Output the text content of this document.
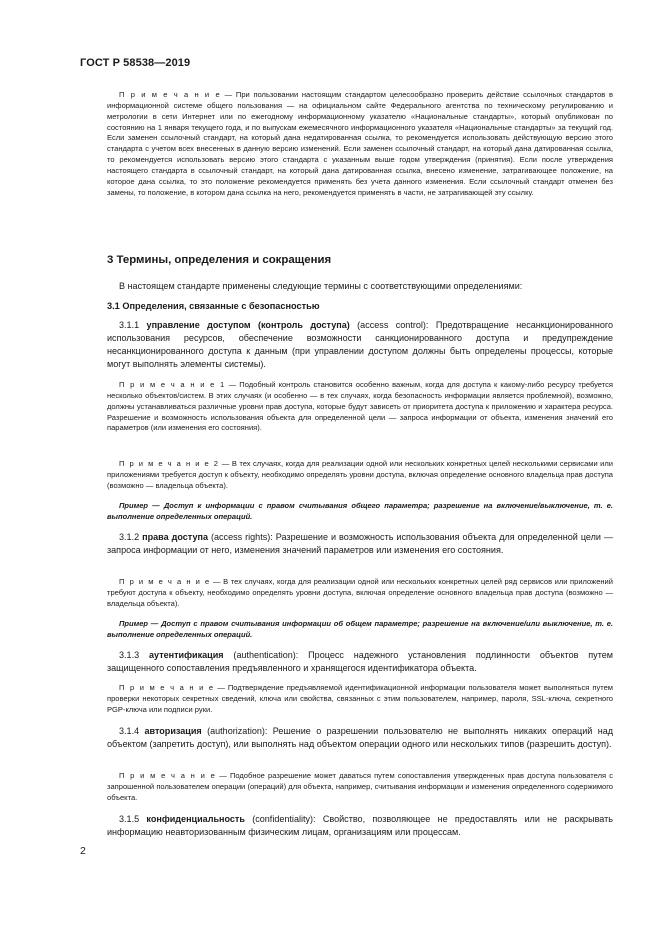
ГОСТ Р 58538—2019
П р и м е ч а н и е — При пользовании настоящим стандартом целесообразно проверить действие ссылочных стандартов в информационной системе общего пользования — на официальном сайте Федерального агентства по техническому регулированию и метрологии в сети Интернет или по ежегодному информационному указателю «Национальные стандарты», который опубликован по состоянию на 1 января текущего года, и по выпускам ежемесячного информационного указателя «Национальные стандарты» за текущий год. Если заменен ссылочный стандарт, на который дана недатированная ссылка, то рекомендуется использовать действующую версию этого стандарта с учетом всех внесенных в данную версию изменений. Если заменен ссылочный стандарт, на который дана датированная ссылка, то рекомендуется использовать версию этого стандарта с указанным выше годом утверждения (принятия). Если после утверждения настоящего стандарта в ссылочный стандарт, на который дана датированная ссылка, внесено изменение, затрагивающее положение, на которое дана ссылка, то это положение рекомендуется применять без учета данного изменения. Если ссылочный стандарт отменен без замены, то положение, в котором дана ссылка на него, рекомендуется применять в части, не затрагивающей эту ссылку.
3 Термины, определения и сокращения
В настоящем стандарте применены следующие термины с соответствующими определениями:
3.1 Определения, связанные с безопасностью
3.1.1 управление доступом (контроль доступа) (access control): Предотвращение несанкционированного использования ресурсов, обеспечение возможности санкционированного доступа и предупреждение несанкционированного доступа к данным (при управлении доступом должны быть определены процессы, которые могут выполнять элементы системы).
П р и м е ч а н и е 1 — Подобный контроль становится особенно важным, когда для доступа к какому-либо ресурсу требуется несколько объектов/систем. В этих случаях (и особенно — в тех случаях, когда безопасность информации является проблемной), возможно, должны устанавливаться различные уровни прав доступа, которые будут зависеть от приоритета доступа к приложению и характера ресурса. Разрешение и возможность использования объекта для определенной цели — запроса информации от объекта, изменения значений его параметров (или изменения его состояния).
П р и м е ч а н и е 2 — В тех случаях, когда для реализации одной или нескольких конкретных целей несколькими сервисами или приложениями требуется доступ к объекту, необходимо определять уровни доступа, включая определение основного владельца прав доступа (возможно — владельца объекта).
Пример — Доступ к информации с правом считывания общего параметра; разрешение на включение/выключение, т. е. выполнение определенных операций.
3.1.2 права доступа (access rights): Разрешение и возможность использования объекта для определенной цели — запроса информации от него, изменения значений параметров или изменения его состояния.
П р и м е ч а н и е — В тех случаях, когда для реализации одной или нескольких конкретных целей ряд сервисов или приложений требуют доступа к объекту, необходимо определять уровни доступа, включая определение основного владельца прав доступа (возможно — владельца объекта).
Пример — Доступ с правом считывания информации об общем параметре; разрешение на включение/или выключение, т. е. выполнение определенных операций.
3.1.3 аутентификация (authentication): Процесс надежного установления подлинности объектов путем защищенного сопоставления предъявленного и хранящегося идентификатора объекта.
П р и м е ч а н и е — Подтверждение предъявляемой идентификационной информации пользователя может выполняться путем проверки некоторых секретных сведений, ключа или свойства, связанных с этим пользователем, например, пароля, SSL-ключа, секретного PGP-ключа или подписи руки.
3.1.4 авторизация (authorization): Решение о разрешении пользователю не выполнять никаких операций над объектом (запретить доступ), или выполнять над объектом операции одного или нескольких типов (разрешить доступ).
П р и м е ч а н и е — Подобное разрешение может даваться путем сопоставления утвержденных прав доступа пользователя с запрошенной пользователем операции (операций) для объекта, например, считывания информации и изменения определенного содержимого объекта.
3.1.5 конфиденциальность (confidentiality): Свойство, позволяющее не предоставлять или не раскрывать информацию неавторизованным физическим лицам, организациям или процессам.
2
